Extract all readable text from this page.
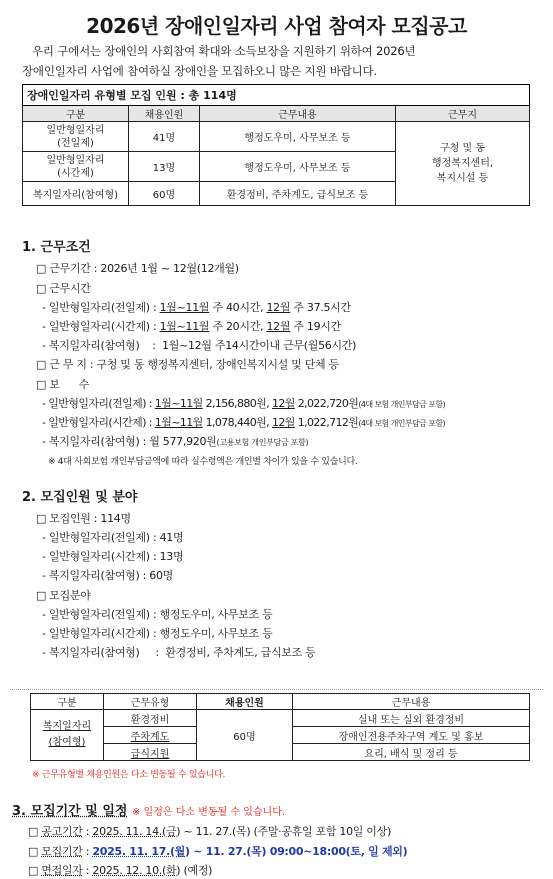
2026년 장애인일자리 사업 참여자 모집공고

우리 구에서는 장애인의 사회참여 확대와 소득보장을 지원하기 위하여 2026년

장애인일자리 사업에 참여하실 장애인을 모집하오니 많은 지원 바랍니다.

장애인일자리 유형별 모집 인원 : 총 114명			
구분	채용인원	근무내용	근무지
일반형일자리
(전일제)	41명	행정도우미, 사무보조 등	구청 및 동
행정복지센터,
복지시설 등
일반형일자리
(시간제)	13명	행정도우미, 사무보조 등	
복지일자리(참여형)	60명	환경정비, 주차계도, 급식보조 등	
1. 근무조건
□ 근무기간 : 2026년 1월 ~ 12월(12개월)
□ 근무시간
- 일반형일자리(전일제) : 1월~11월 주 40시간, 12월 주 37.5시간
- 일반형일자리(시간제) : 1월~11월 주 20시간, 12월 주 19시간
- 복지일자리(참여형)    :  1월~12월 주14시간이내 근무(월56시간)
□ 근 무 지 : 구청 및 동 행정복지센터, 장애인복지시설 및 단체 등
□ 보      수
- 일반형일자리(전일제) : 1월~11월 2,156,880원, 12월 2,022,720원(4대 보험 개인부담금 포함)
- 일반형일자리(시간제) : 1월~11월 1,078,440원, 12월 1,022,712원(4대 보험 개인부담금 포함)
- 복지일자리(참여형) : 월 577,920원(고용보험 개인부담금 포함)
※ 4대 사회보험 개인부담금액에 따라 실수령액은 개인별 차이가 있을 수 있습니다.
2. 모집인원 및 분야
□ 모집인원 : 114명
- 일반형일자리(전일제) : 41명
- 일반형일자리(시간제) : 13명
- 복지일자리(참여형) : 60명
□ 모집분야
- 일반형일자리(전일제) : 행정도우미, 사무보조 등
- 일반형일자리(시간제) : 행정도우미, 사무보조 등
- 복지일자리(참여형)     :  환경정비, 주차계도, 급식보조 등
구분	근무유형	채용인원	근무내용
복지일자리
(참여형)	환경정비	60명	실내 또는 실외 환경정비
	주차계도		장애인전용주차구역 계도 및 홍보
	급식지원		요리, 배식 및 정리 등
※ 근무유형별 채용인원은 다소 변동될 수 있습니다.
3. 모집기간 및 일정 ※ 일정은 다소 변동될 수 있습니다.
□ 공고기간 : 2025. 11. 14.(금) ~ 11. 27.(목) (주말·공휴일 포함 10일 이상)
□ 모집기간 : 2025. 11. 17.(월) ~ 11. 27.(목) 09:00~18:00(토, 일 제외)
□ 면접일자 : 2025. 12. 10.(화) (예정)
